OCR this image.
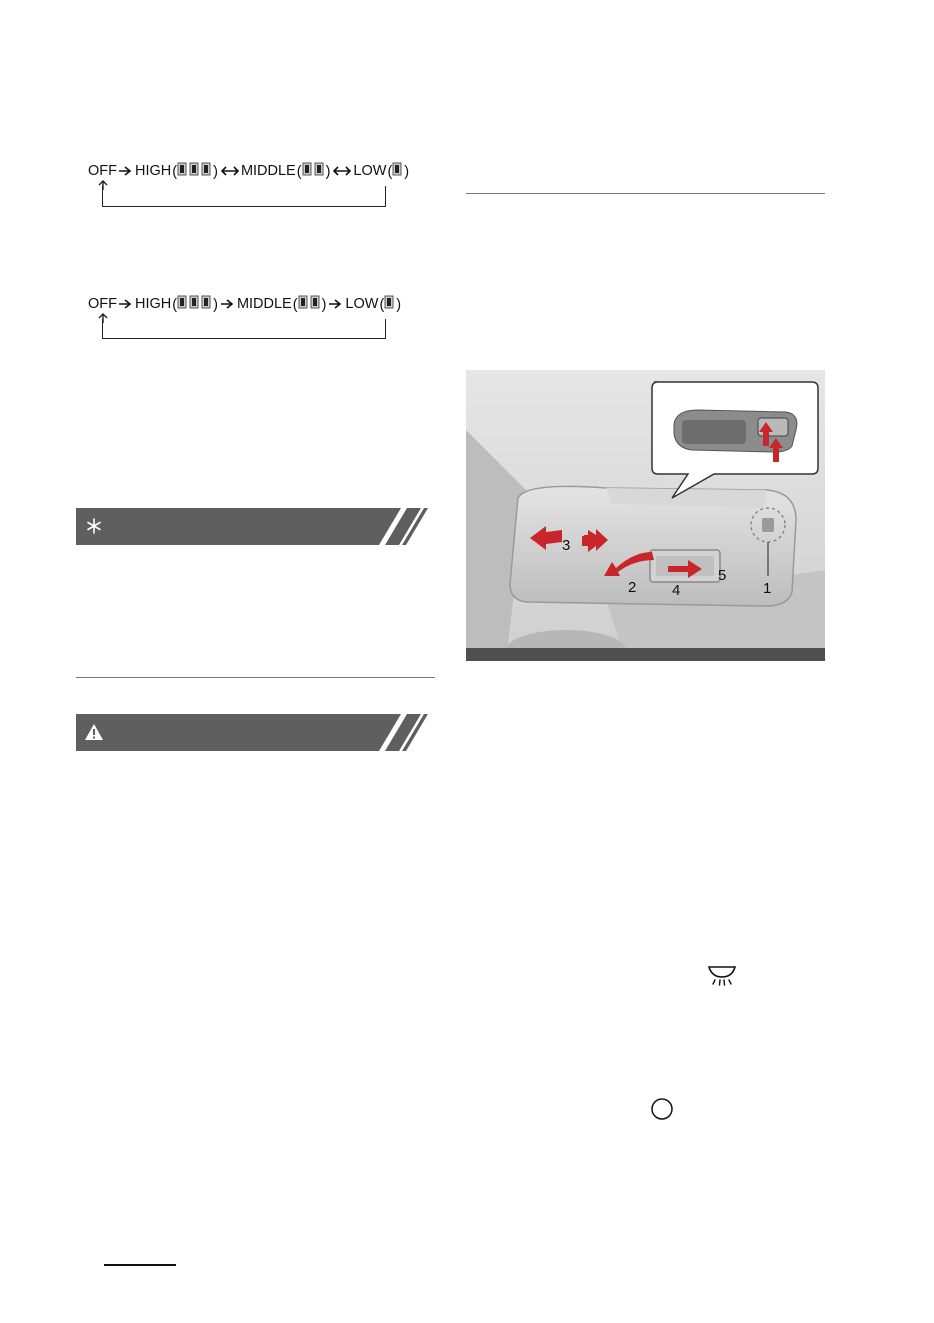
OFF HIGH( ) MIDDLE( ) LOW( )
OFF HIGH( ) MIDDLE( ) LOW( )
3
2 4
5
1
